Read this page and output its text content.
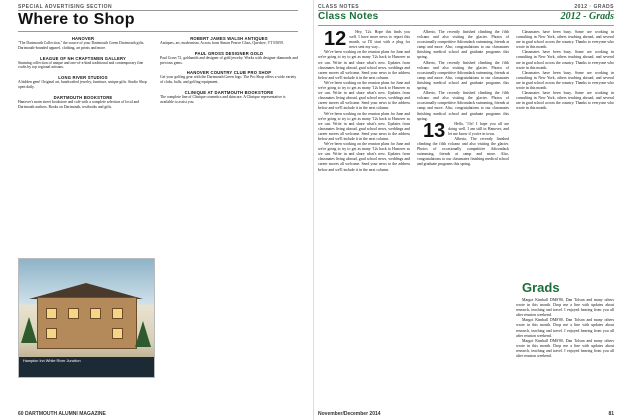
SPECIAL ADVERTISING SECTION
Where to Shop
HANOVER
"The Dartmouth Collection," the source of your Dartmouth Green Dartmouth gifts. Dartmouth-branded apparel, clothing, art prints and more.
LEAGUE OF NH CRAFTSMEN GALLERY
Stunning collection of unique and one-of-a-kind traditional and contemporary fine crafts by top regional artisans.
LONG RIVER STUDIOS
A hidden gem! Original art, handcrafted jewelry, furniture, unique gifts. Studio Shop open daily.
DARTMOUTH BOOKSTORE
Hanover's main street bookstore and café with a complete selection of local and Dartmouth authors. Books on Dartmouth, textbooks and gifts.
ROBERT JAMES WALSH ANTIQUES
Antiques, art, modernism. Across from Simon Pearce Glass, Quechee, VT 05059.
PAUL GROSS DESIGNER GOLD
Paul Gross 72, goldsmith and designer of gold jewelry. Works with designer diamonds and precious gems.
HANOVER COUNTRY CLUB PRO SHOP
Get your golfing gear with the Dartmouth Green logo. The Pro Shop offers a wide variety of clubs, balls, and golfing equipment.
CLINIQUE AT DARTMOUTH BOOKSTORE
The complete line of Clinique cosmetics and skincare. A Clinique representative is available to assist you.
Hampton Inn White River Junction
60 DARTMOUTH ALUMNI MAGAZINE
CLASS NOTES	2012 · GRADS
Class Notes	2012 - Grads
12 Hey, '12s. Hope this finds you well. I have more news to report this month, so I'll start with a plug for news sent my way...
We've been working on the reunion plans for June and we're going to try to get as many '12s back to Hanover as we can. Write in and share what's new. Updates from classmates living abroad, grad school news, weddings and career moves all welcome. Send your news to the address below and we'll include it in the next column.
We've been working on the reunion plans for June and we're going to try to get as many '12s back to Hanover as we can. Write in and share what's new. Updates from classmates living abroad, grad school news, weddings and career moves all welcome. Send your news to the address below and we'll include it in the next column.
We've been working on the reunion plans for June and we're going to try to get as many '12s back to Hanover as we can. Write in and share what's new. Updates from classmates living abroad, grad school news, weddings and career moves all welcome. Send your news to the address below and we'll include it in the next column.
We've been working on the reunion plans for June and we're going to try to get as many '12s back to Hanover as we can. Write in and share what's new. Updates from classmates living abroad, grad school news, weddings and career moves all welcome. Send your news to the address below and we'll include it in the next column.
Alberto, The recently finished climbing the fifth volcano and also visiting the glacier. Photos of occasionally competitive Adirondack swimming, friends at camp and more. Also, congratulations to our classmates finishing medical school and graduate programs this spring.
Alberto, The recently finished climbing the fifth volcano and also visiting the glacier. Photos of occasionally competitive Adirondack swimming, friends at camp and more. Also, congratulations to our classmates finishing medical school and graduate programs this spring.
Alberto, The recently finished climbing the fifth volcano and also visiting the glacier. Photos of occasionally competitive Adirondack swimming, friends at camp and more. Also, congratulations to our classmates finishing medical school and graduate programs this spring.
13 Hello, '13s! I hope you all are doing well. I am still in Hanover, and let me know if you're in town.
Alberto, The recently finished climbing the fifth volcano and also visiting the glacier. Photos of occasionally competitive Adirondack swimming, friends at camp and more. Also, congratulations to our classmates finishing medical school and graduate programs this spring.
Classmates have been busy. Some are working in consulting in New York, others teaching abroad, and several are in grad school across the country. Thanks to everyone who wrote in this month.
Classmates have been busy. Some are working in consulting in New York, others teaching abroad, and several are in grad school across the country. Thanks to everyone who wrote in this month.
Classmates have been busy. Some are working in consulting in New York, others teaching abroad, and several are in grad school across the country. Thanks to everyone who wrote in this month.
Classmates have been busy. Some are working in consulting in New York, others teaching abroad, and several are in grad school across the country. Thanks to everyone who wrote in this month.
Grads
Margot Kimball DMS'80, Dan Tolson and many others wrote in this month. Drop me a line with updates about research, teaching and travel. I enjoyed hearing from you all after reunion weekend.
Margot Kimball DMS'80, Dan Tolson and many others wrote in this month. Drop me a line with updates about research, teaching and travel. I enjoyed hearing from you all after reunion weekend.
Margot Kimball DMS'80, Dan Tolson and many others wrote in this month. Drop me a line with updates about research, teaching and travel. I enjoyed hearing from you all after reunion weekend.
November/December 2014	81
